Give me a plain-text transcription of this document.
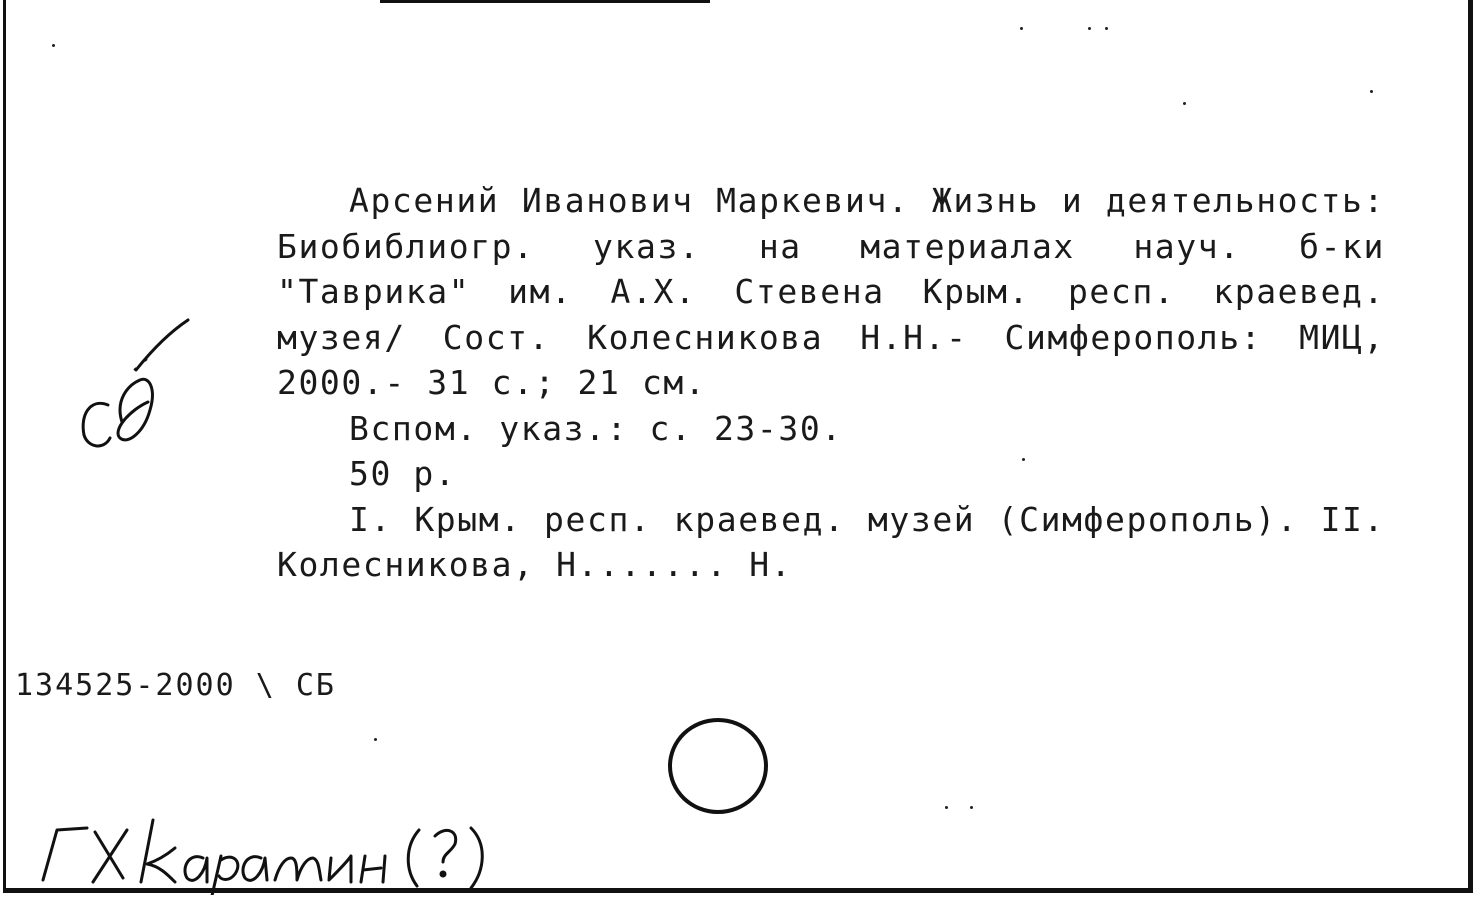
Арсений Иванович Маркевич. Жизнь и деятельность: Биобиблиогр. указ. на материалах науч. б-ки "Таврика" им. А.Х. Стевена Крым. респ. краевед. музея/ Сост. Колесникова Н.Н.- Симферополь: МИЦ, 2000.- 31 с.; 21 см.

Вспом. указ.: с. 23-30.

50 р.

I. Крым. респ. краевед. музей (Симферополь). II. Колесникова, Н....... Н.

134525-2000 \ СБ
